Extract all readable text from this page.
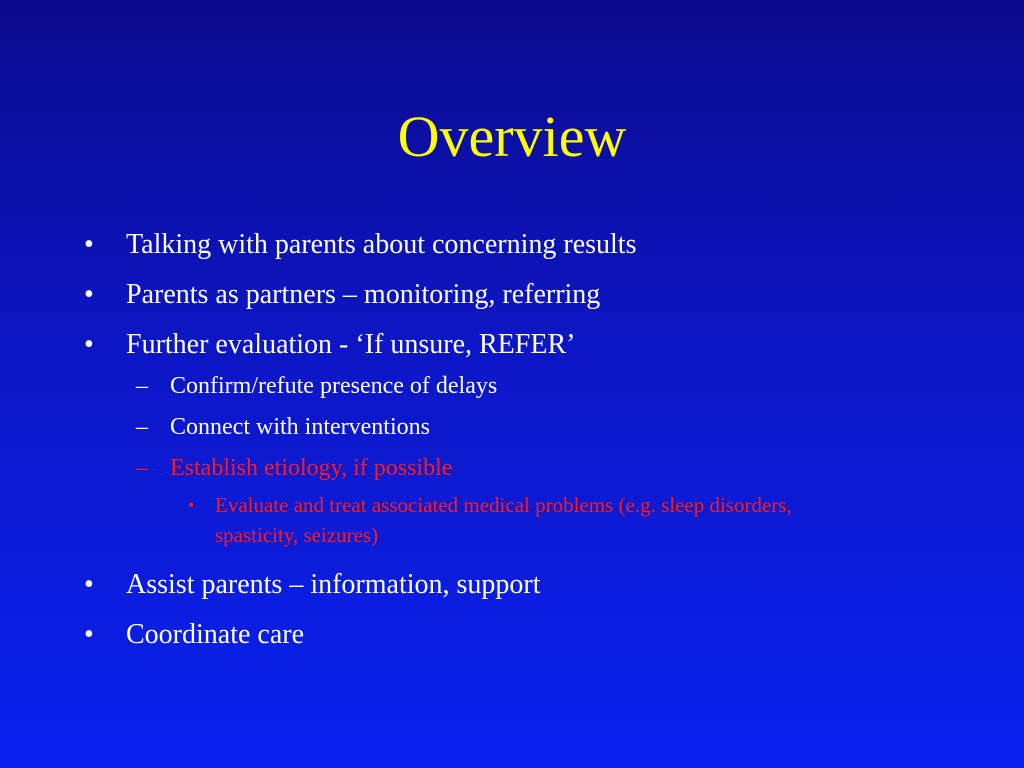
Overview
•	Talking with parents about concerning results
•	Parents as partners – monitoring, referring
•	Further evaluation - ‘If unsure, REFER’
– Confirm/refute presence of delays
– Connect with interventions
– Establish etiology, if possible
• Evaluate and treat associated medical problems (e.g. sleep disorders, spasticity, seizures)
•	Assist parents – information, support
•	Coordinate care
